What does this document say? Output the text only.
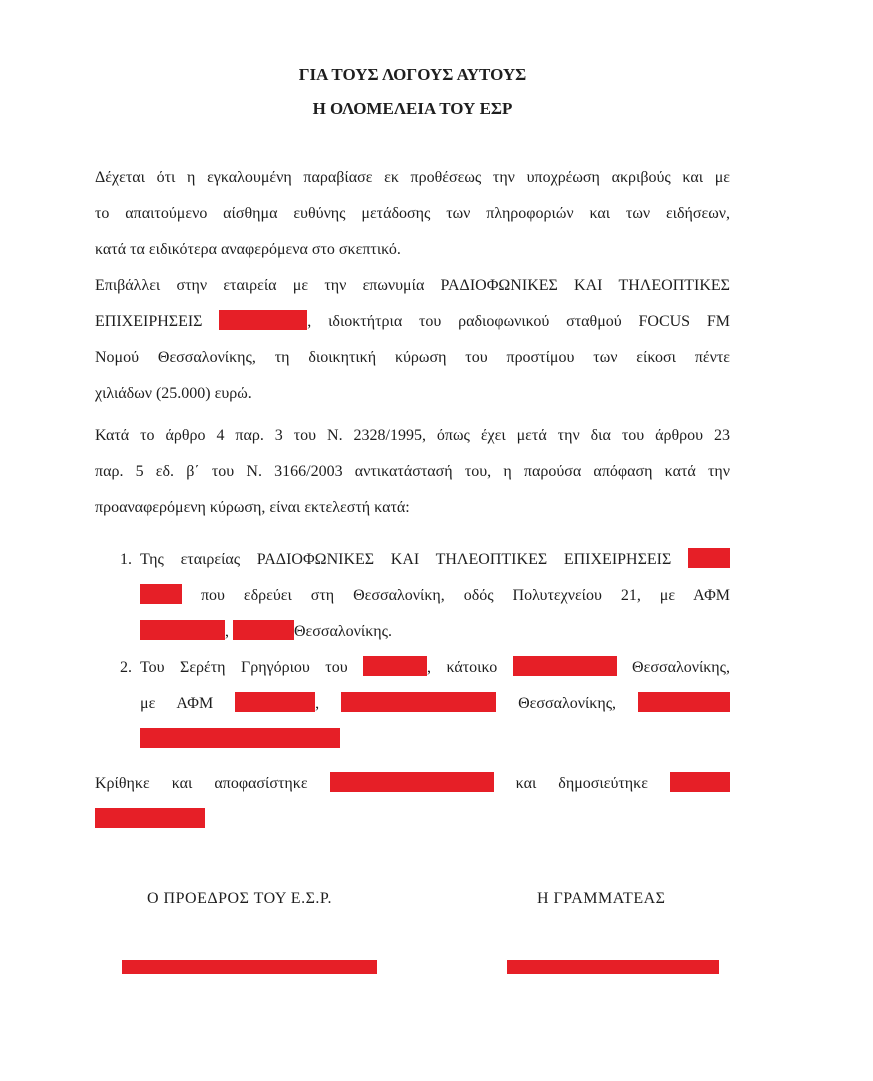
ΓΙΑ ΤΟΥΣ ΛΟΓΟΥΣ ΑΥΤΟΥΣ
Η ΟΛΟΜΕΛΕΙΑ ΤΟΥ ΕΣΡ
Δέχεται ότι η εγκαλουμένη παραβίασε εκ προθέσεως την υποχρέωση ακριβούς και με
το απαιτούμενο αίσθημα ευθύνης μετάδοσης των πληροφοριών και των ειδήσεων,
κατά τα ειδικότερα αναφερόμενα στο σκεπτικό.
Επιβάλλει στην εταιρεία με την επωνυμία ΡΑΔΙΟΦΩΝΙΚΕΣ ΚΑΙ ΤΗΛΕΟΠΤΙΚΕΣ
ΕΠΙΧΕΙΡΗΣΕΙΣ	, ιδιοκτήτρια του ραδιοφωνικού σταθμού FOCUS FM
Νομού Θεσσαλονίκης, τη διοικητική κύρωση του προστίμου των είκοσι πέντε
χιλιάδων (25.000) ευρώ.
Κατά το άρθρο 4 παρ. 3 του Ν. 2328/1995, όπως έχει μετά την δια του άρθρου 23
παρ. 5 εδ. β΄ του Ν. 3166/2003 αντικατάστασή του, η παρούσα απόφαση κατά την
προαναφερόμενη κύρωση, είναι εκτελεστή κατά:
1. Της εταιρείας ΡΑΔΙΟΦΩΝΙΚΕΣ ΚΑΙ ΤΗΛΕΟΠΤΙΚΕΣ ΕΠΙΧΕΙΡΗΣΕΙΣ
που εδρεύει στη Θεσσαλονίκη, οδός Πολυτεχνείου 21, με ΑΦΜ
,	Θεσσαλονίκης.
2. Του Σερέτη Γρηγόριου του	, κάτοικο	Θεσσαλονίκης,
με ΑΦΜ	,	Θεσσαλονίκης,
Κρίθηκε και αποφασίστηκε	και δημοσιεύτηκε
Ο ΠΡΟΕΔΡΟΣ ΤΟΥ Ε.Σ.Ρ.	Η ΓΡΑΜΜΑΤΕΑΣ
